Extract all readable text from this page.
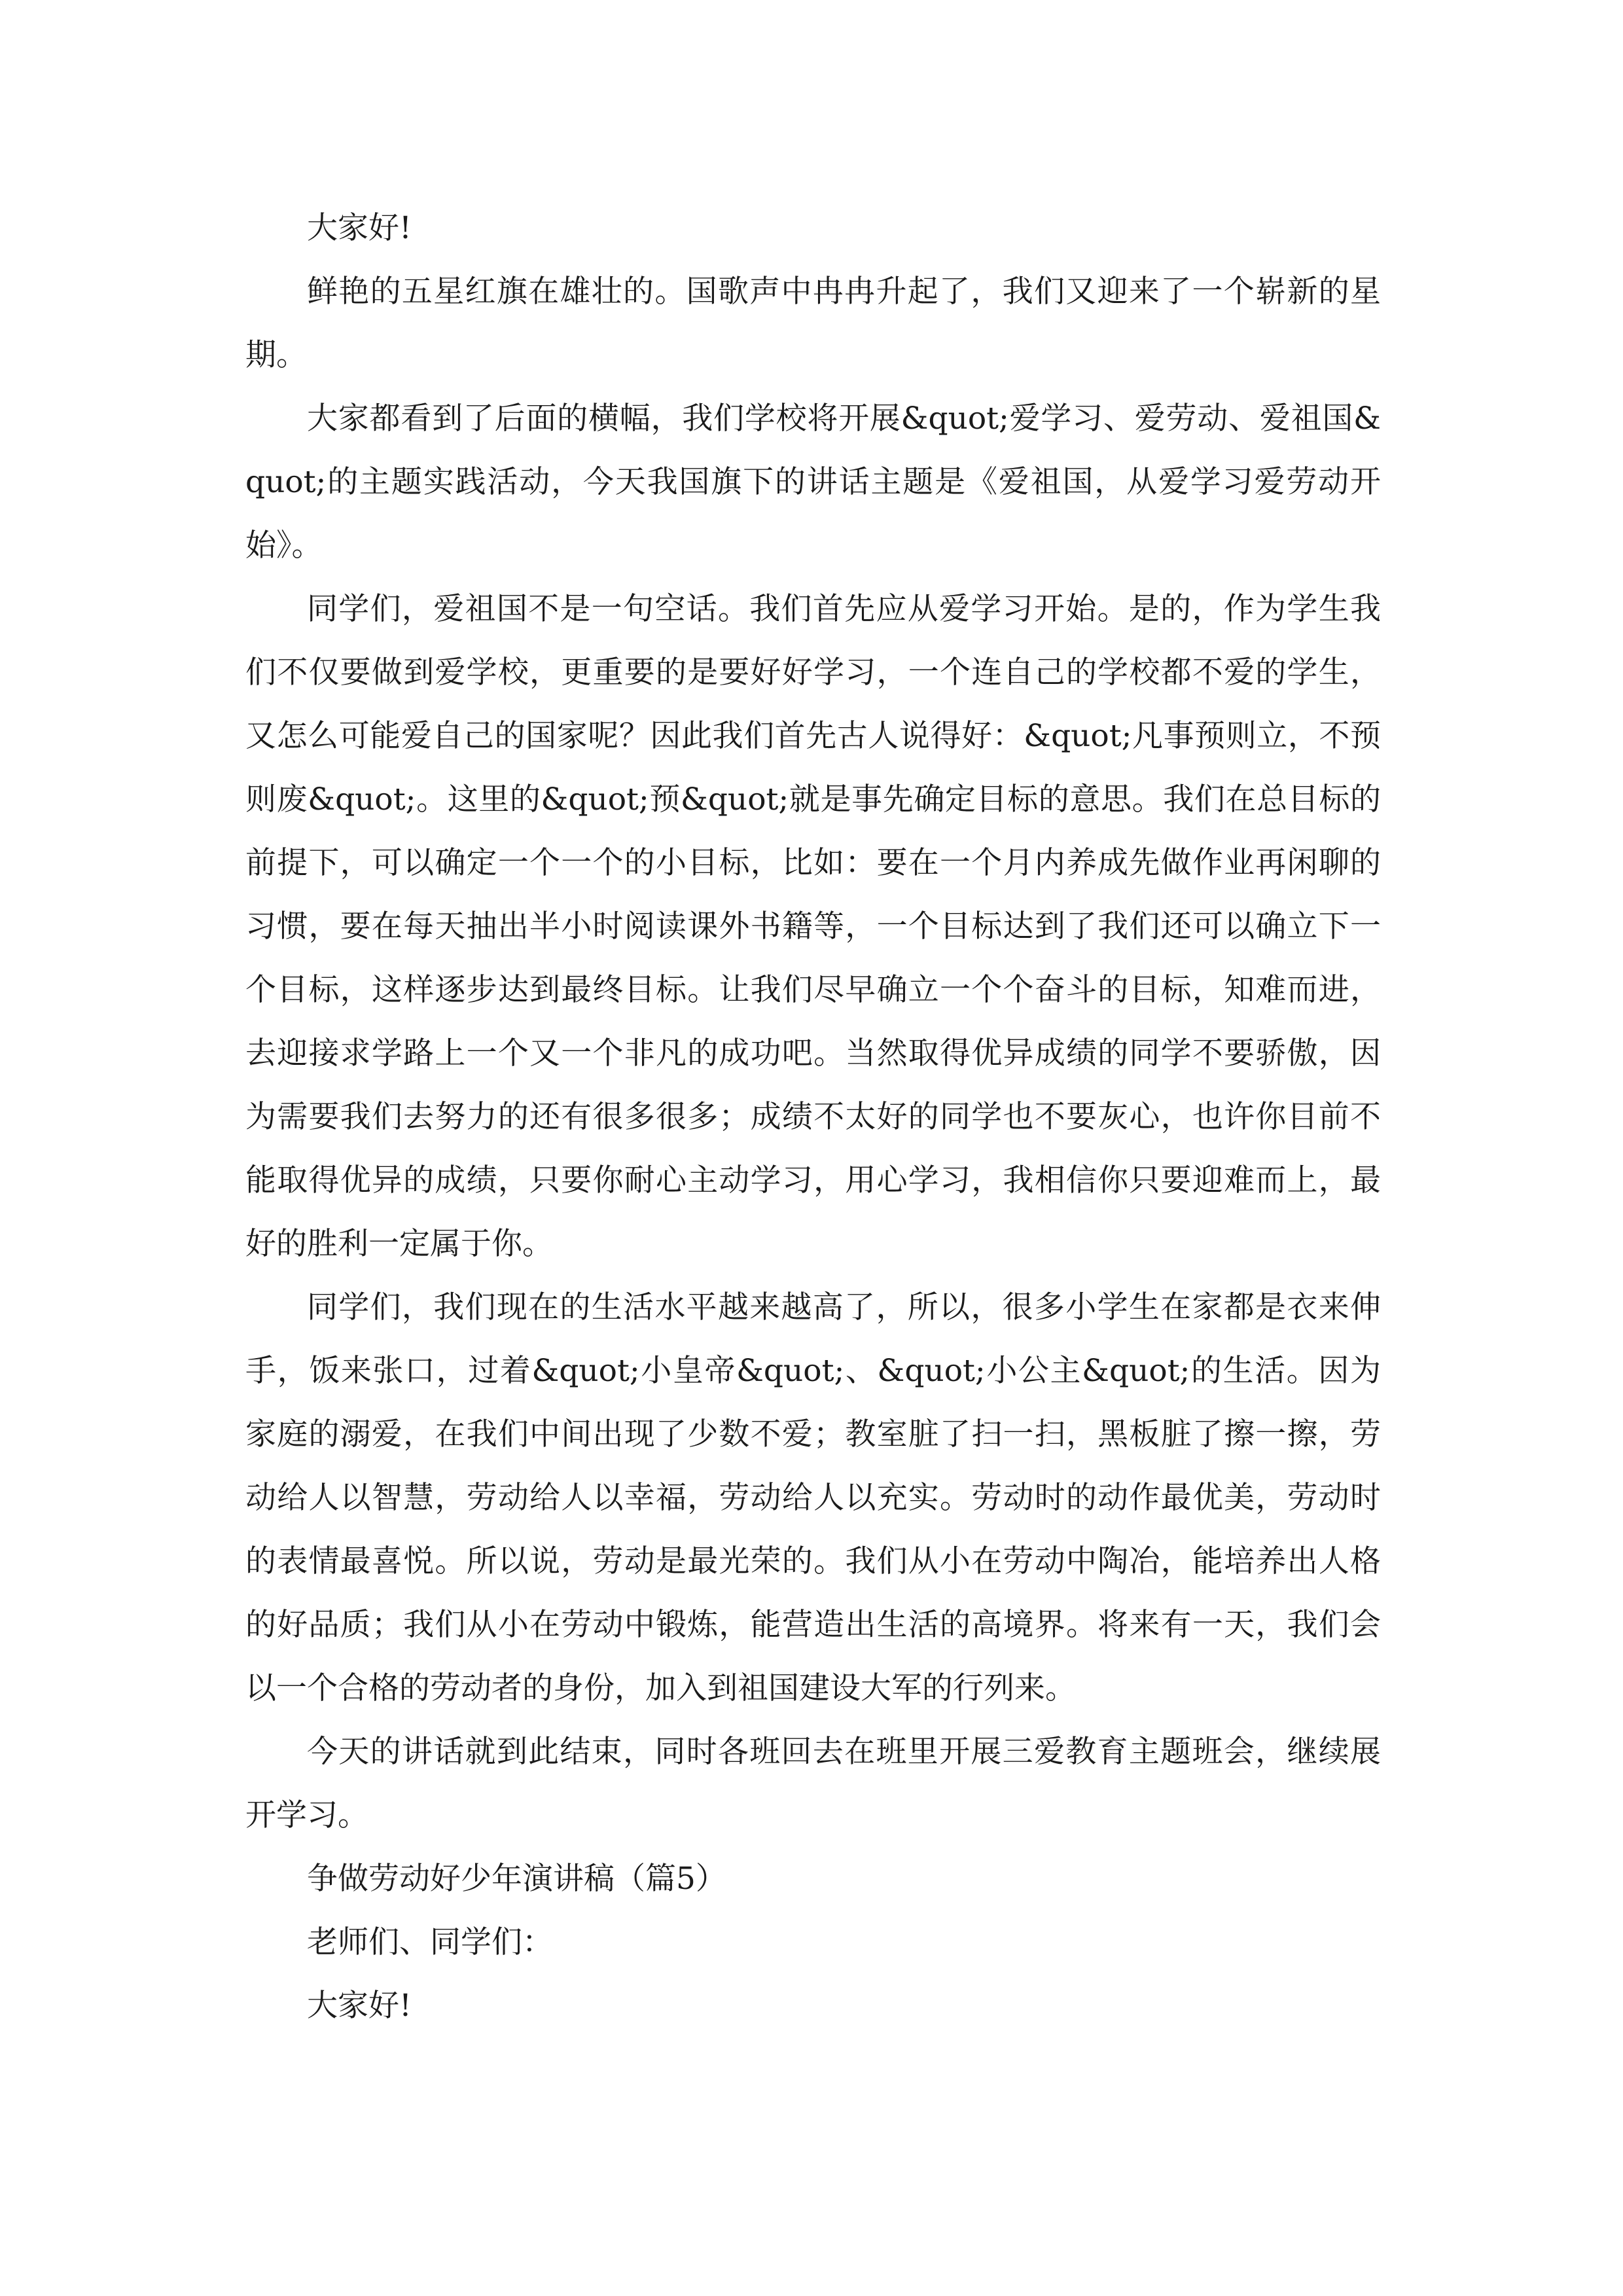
大家好!

鲜艳的五星红旗在雄壮的。国歌声中冉冉升起了，我们又迎来了一个崭新的星期。

大家都看到了后面的横幅，我们学校将开展&quot;爱学习、爱劳动、爱祖国&quot;的主题实践活动，今天我国旗下的讲话主题是《爱祖国，从爱学习爱劳动开始》。

同学们，爱祖国不是一句空话。我们首先应从爱学习开始。是的，作为学生我们不仅要做到爱学校，更重要的是要好好学习，一个连自己的学校都不爱的学生，又怎么可能爱自己的国家呢？因此我们首先古人说得好：&quot;凡事预则立，不预则废&quot;。这里的&quot;预&quot;就是事先确定目标的意思。我们在总目标的前提下，可以确定一个一个的小目标，比如：要在一个月内养成先做作业再闲聊的习惯，要在每天抽出半小时阅读课外书籍等，一个目标达到了我们还可以确立下一个目标，这样逐步达到最终目标。让我们尽早确立一个个奋斗的目标，知难而进，去迎接求学路上一个又一个非凡的成功吧。当然取得优异成绩的同学不要骄傲，因为需要我们去努力的还有很多很多；成绩不太好的同学也不要灰心，也许你目前不能取得优异的成绩，只要你耐心主动学习，用心学习，我相信你只要迎难而上，最好的胜利一定属于你。

同学们，我们现在的生活水平越来越高了，所以，很多小学生在家都是衣来伸手，饭来张口，过着&quot;小皇帝&quot;、&quot;小公主&quot;的生活。因为家庭的溺爱，在我们中间出现了少数不爱；教室脏了扫一扫，黑板脏了擦一擦，劳动给人以智慧，劳动给人以幸福，劳动给人以充实。劳动时的动作最优美，劳动时的表情最喜悦。所以说，劳动是最光荣的。我们从小在劳动中陶冶，能培养出人格的好品质；我们从小在劳动中锻炼，能营造出生活的高境界。将来有一天，我们会以一个合格的劳动者的身份，加入到祖国建设大军的行列来。

今天的讲话就到此结束，同时各班回去在班里开展三爱教育主题班会，继续展开学习。

争做劳动好少年演讲稿（篇5）

老师们、同学们：

大家好!
